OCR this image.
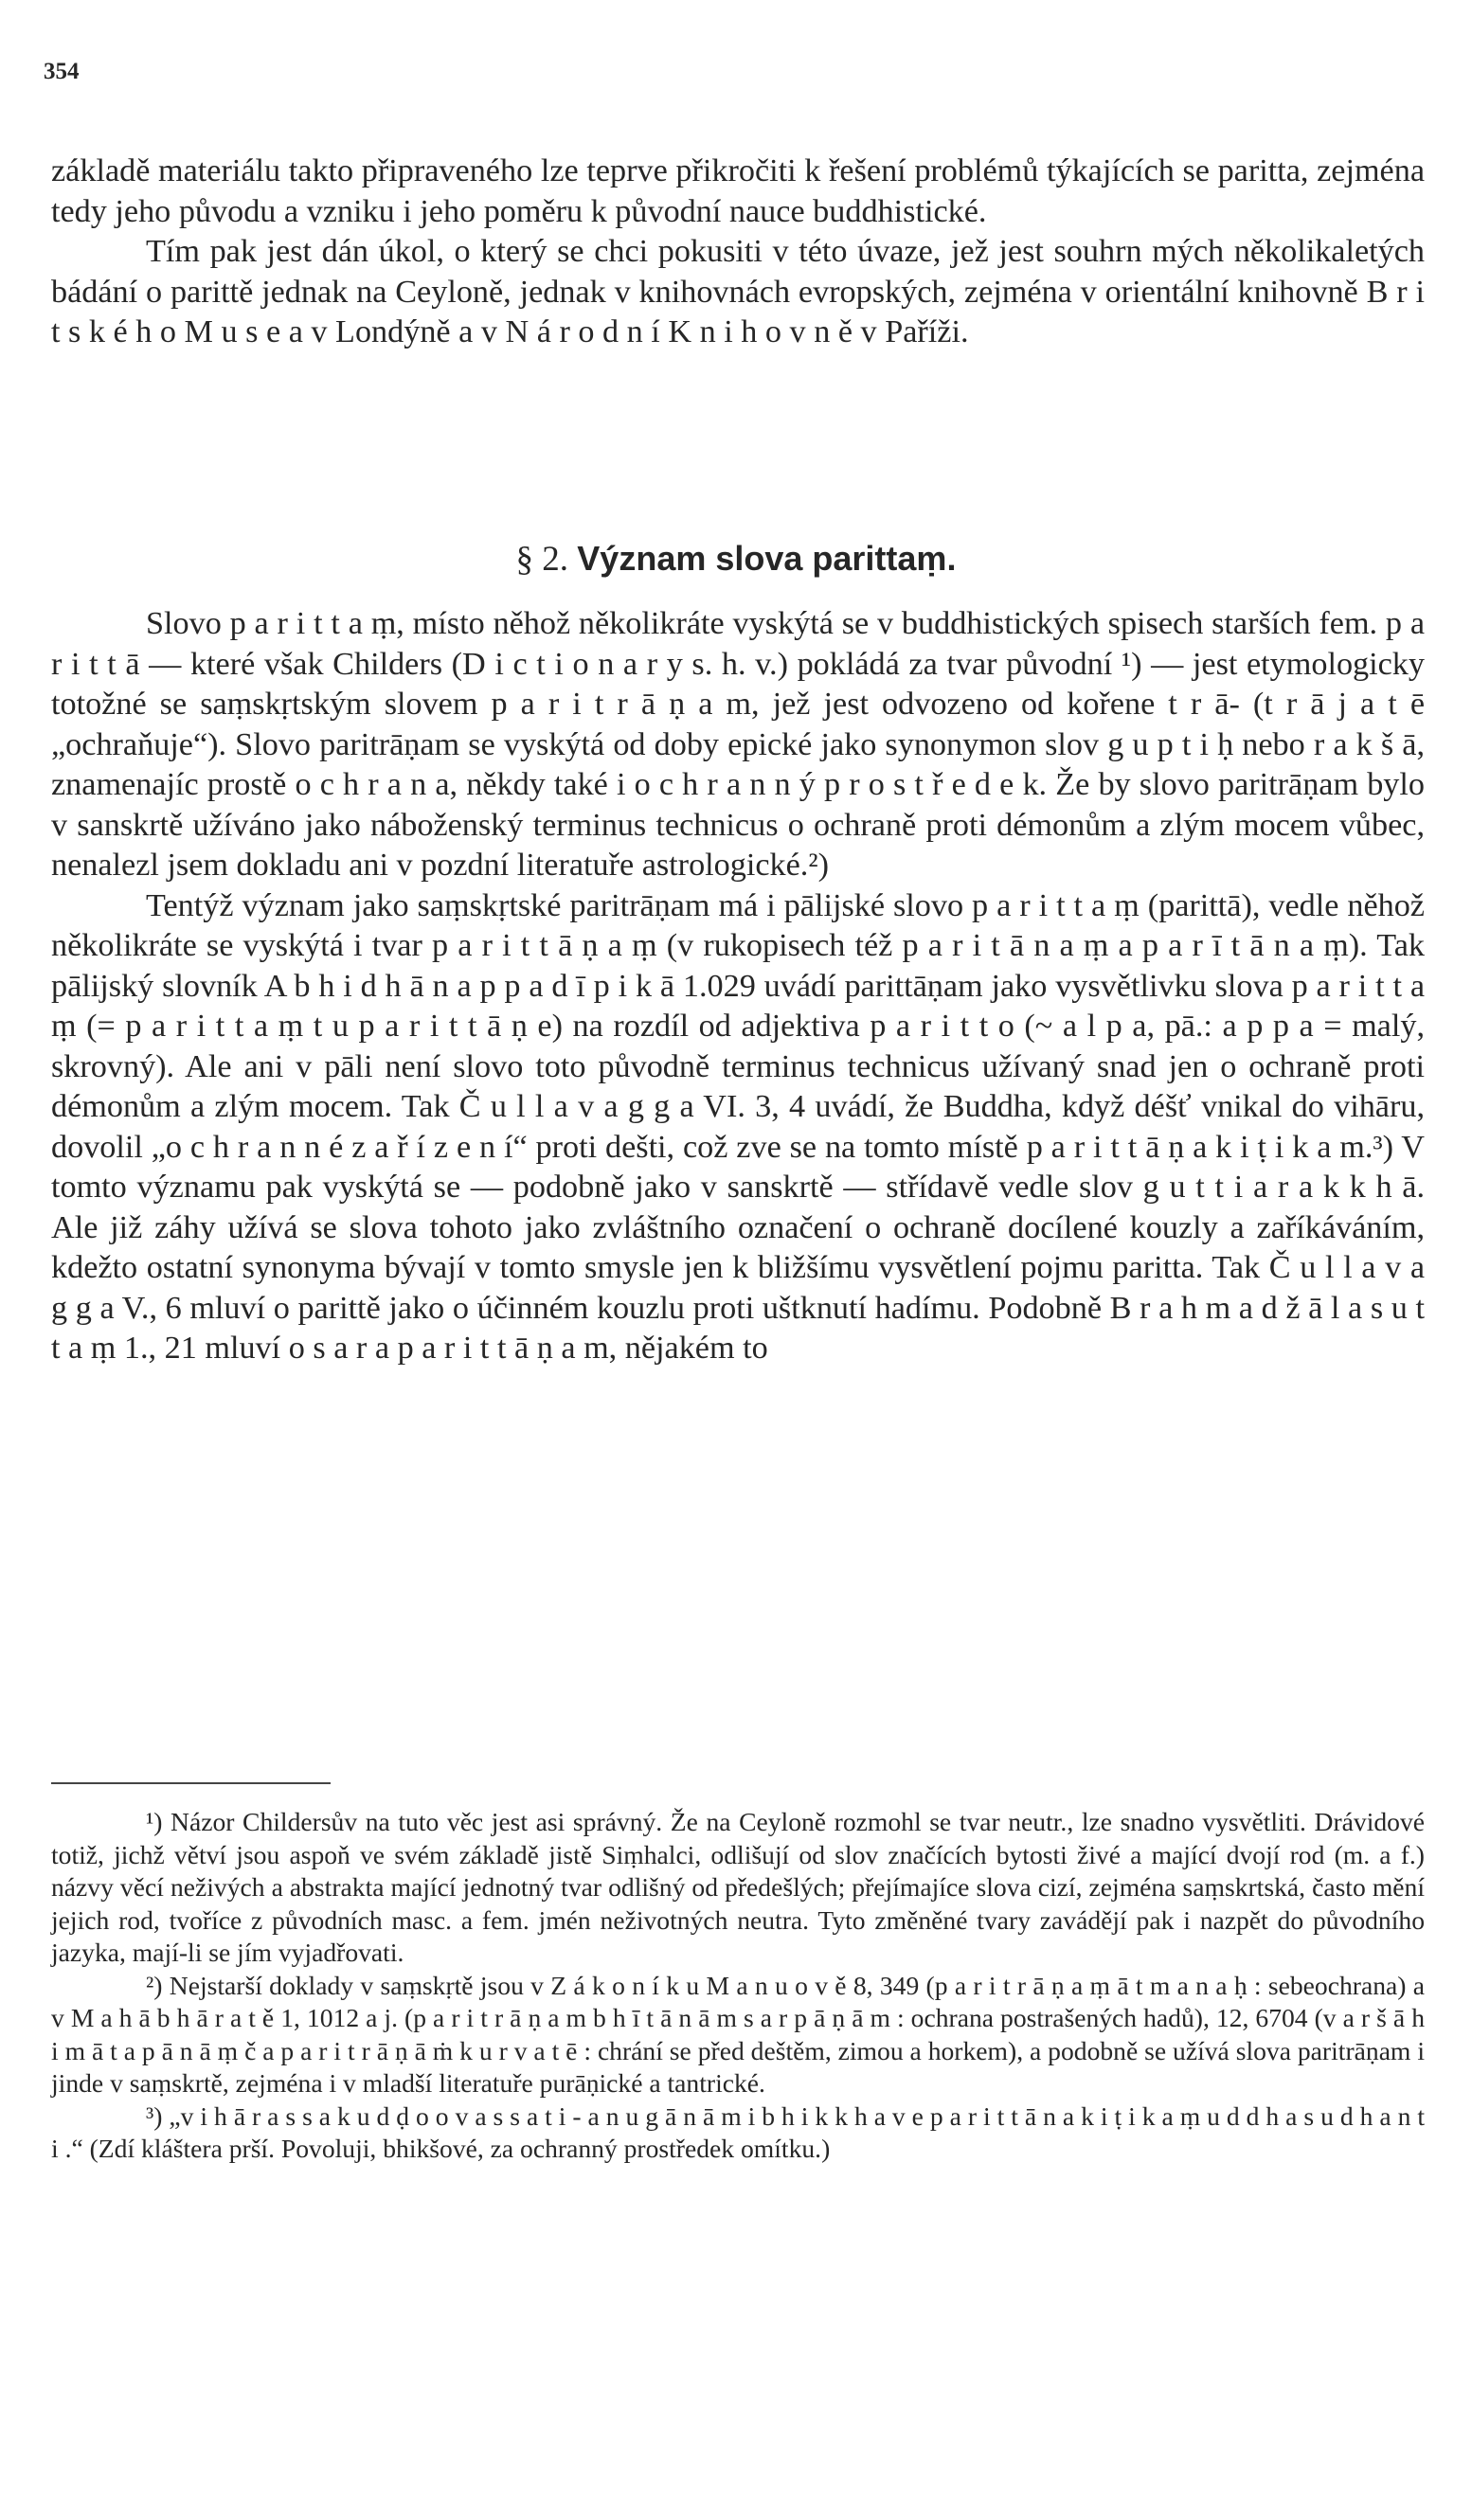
354

základě materiálu takto připraveného lze teprve přikročiti k řešení problémů týkajících se paritta, zejména tedy jeho původu a vzniku i jeho poměru k původní nauce buddhistické.

Tím pak jest dán úkol, o který se chci pokusiti v této úvaze, jež jest souhrn mých několikaletých bádání o parittě jednak na Ceyloně, jednak v knihovnách evropských, zejména v orientální knihovně B r i t s k é h o M u s e a v Londýně a v N á r o d n í K n i h o v n ě v Paříži.

§ 2. Význam slova parittaṃ.

Slovo p a r i t t a ṃ, místo něhož několikráte vyskýtá se v buddhistických spisech starších fem. p a r i t t ā — které však Childers (D i c t i o n a r y s. h. v.) pokládá za tvar původní ¹) — jest etymologicky totožné se saṃskṛtským slovem p a r i t r ā ṇ a m, jež jest odvozeno od kořene t r ā- (t r ā j a t ē „ochraňuje“). Slovo paritrāṇam se vyskýtá od doby epické jako synonymon slov g u p t i ḥ nebo r a k š ā, znamenajíc prostě o c h r a n a, někdy také i o c h r a n n ý p r o s t ř e d e k. Že by slovo paritrāṇam bylo v sanskrtě užíváno jako náboženský terminus technicus o ochraně proti démonům a zlým mocem vůbec, nenalezl jsem dokladu ani v pozdní literatuře astrologické.²)

Tentýž význam jako saṃskṛtské paritrāṇam má i pālijské slovo p a r i t t a ṃ (parittā), vedle něhož několikráte se vyskýtá i tvar p a r i t t ā ṇ a ṃ (v rukopisech též p a r i t ā n a ṃ a p a r ī t ā n a ṃ). Tak pālijský slovník A b h i d h ā n a p p a d ī p i k ā 1.029 uvádí parittāṇam jako vysvětlivku slova p a r i t t a ṃ (= p a r i t t a ṃ t u p a r i t t ā ṇ e) na rozdíl od adjektiva p a r i t t o (~ a l p a, pā.: a p p a = malý, skrovný). Ale ani v pāli není slovo toto původně terminus technicus užívaný snad jen o ochraně proti démonům a zlým mocem. Tak Č u l l a v a g g a VI. 3, 4 uvádí, že Buddha, když déšť vnikal do vihāru, dovolil „o c h r a n n é z a ř í z e n í“ proti dešti, což zve se na tomto místě p a r i t t ā ṇ a k i ṭ i k a m.³) V tomto významu pak vyskýtá se — podobně jako v sanskrtě — střídavě vedle slov g u t t i a r a k k h ā. Ale již záhy užívá se slova tohoto jako zvláštního označení o ochraně docílené kouzly a zaříkáváním, kdežto ostatní synonyma bývají v tomto smysle jen k bližšímu vysvětlení pojmu paritta. Tak Č u l l a v a g g a V., 6 mluví o parittě jako o účinném kouzlu proti uštknutí hadímu. Podobně B r a h m a d ž ā l a s u t t a ṃ 1., 21 mluví o s a r a p a r i t t ā ṇ a m, nějakém to

¹) Názor Childersův na tuto věc jest asi správný. Že na Ceyloně rozmohl se tvar neutr., lze snadno vysvětliti. Drávidové totiž, jichž větví jsou aspoň ve svém základě jistě Siṃhalci, odlišují od slov značících bytosti živé a mající dvojí rod (m. a f.) názvy věcí neživých a abstrakta mající jednotný tvar odlišný od předešlých; přejímajíce slova cizí, zejména saṃskrtská, často mění jejich rod, tvoříce z původních masc. a fem. jmén neživotných neutra. Tyto změněné tvary zavádějí pak i nazpět do původního jazyka, mají-li se jím vyjadřovati.

²) Nejstarší doklady v saṃskṛtě jsou v Z á k o n í k u M a n u o v ě 8, 349 (p a r i t r ā ṇ a ṃ ā t m a n a ḥ : sebeochrana) a v M a h ā b h ā r a t ě 1, 1012 a j. (p a r i t r ā ṇ a m b h ī t ā n ā m s a r p ā ṇ ā m : ochrana postrašených hadů), 12, 6704 (v a r š ā h i m ā t a p ā n ā ṃ č a p a r i t r ā ṇ ā ṁ k u r v a t ē : chrání se před deštěm, zimou a horkem), a podobně se užívá slova paritrāṇam i jinde v saṃskrtě, zejména i v mladší literatuře purāṇické a tantrické.

³) „v i h ā r a s s a k u d ḍ o o v a s s a t i - a n u g ā n ā m i b h i k k h a v e p a r i t t ā n a k i ṭ i k a ṃ u d d h a s u d h a n t i .“ (Zdí kláštera prší. Povoluji, bhikšové, za ochranný prostředek omítku.)
